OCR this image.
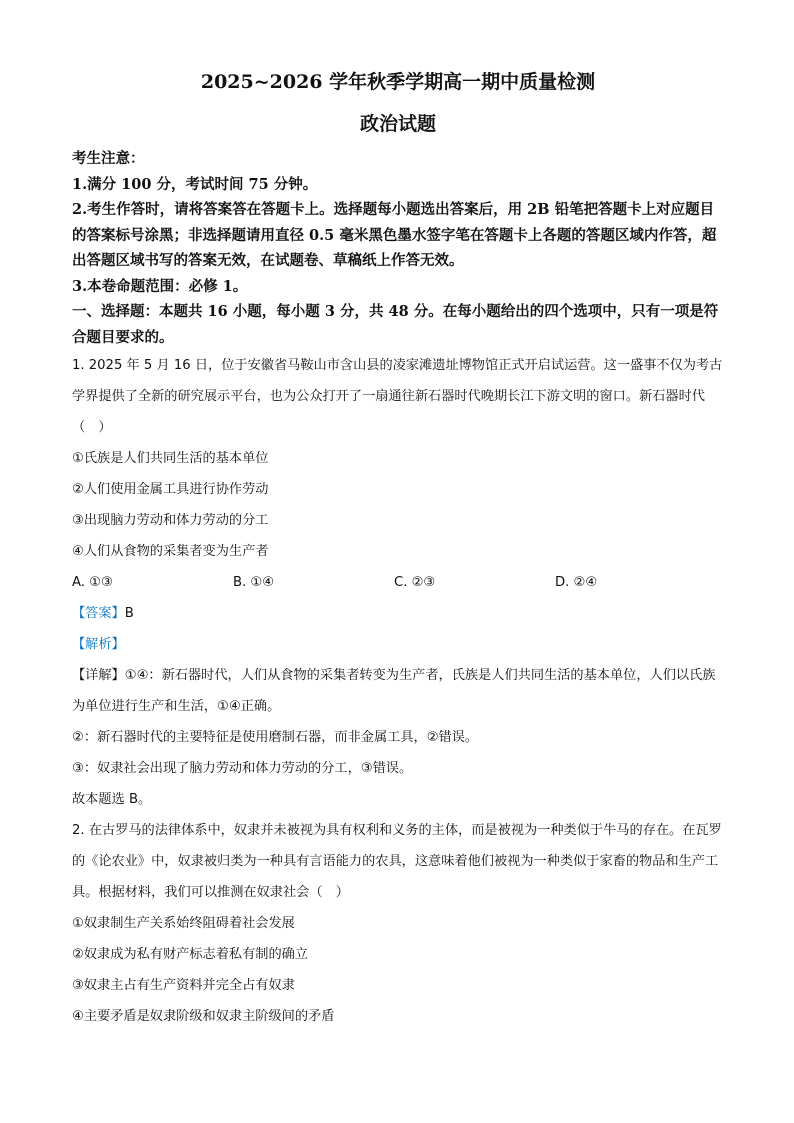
2025~2026 学年秋季学期高一期中质量检测
政治试题

考生注意：

1.满分 100 分，考试时间 75 分钟。

2.考生作答时，请将答案答在答题卡上。选择题每小题选出答案后，用 2B 铅笔把答题卡上对应题目的答案标号涂黑；非选择题请用直径 0.5 毫米黑色墨水签字笔在答题卡上各题的答题区域内作答，超出答题区域书写的答案无效，在试题卷、草稿纸上作答无效。

3.本卷命题范围：必修 1。

一、选择题：本题共 16 小题，每小题 3 分，共 48 分。在每小题给出的四个选项中，只有一项是符合题目要求的。

1. 2025 年 5 月 16 日，位于安徽省马鞍山市含山县的凌家滩遗址博物馆正式开启试运营。这一盛事不仅为考古学界提供了全新的研究展示平台，也为公众打开了一扇通往新石器时代晚期长江下游文明的窗口。新石器时代（　）

①氏族是人们共同生活的基本单位

②人们使用金属工具进行协作劳动

③出现脑力劳动和体力劳动的分工

④人们从食物的采集者变为生产者

A. ①③	B. ①④	C. ②③	D. ②④

【答案】B

【解析】

【详解】①④：新石器时代，人们从食物的采集者转变为生产者，氏族是人们共同生活的基本单位，人们以氏族为单位进行生产和生活，①④正确。

②：新石器时代的主要特征是使用磨制石器，而非金属工具，②错误。

③：奴隶社会出现了脑力劳动和体力劳动的分工，③错误。

故本题选 B。

2. 在古罗马的法律体系中，奴隶并未被视为具有权利和义务的主体，而是被视为一种类似于牛马的存在。在瓦罗的《论农业》中，奴隶被归类为一种具有言语能力的农具，这意味着他们被视为一种类似于家畜的物品和生产工具。根据材料，我们可以推测在奴隶社会（　）

①奴隶制生产关系始终阻碍着社会发展

②奴隶成为私有财产标志着私有制的确立

③奴隶主占有生产资料并完全占有奴隶

④主要矛盾是奴隶阶级和奴隶主阶级间的矛盾
